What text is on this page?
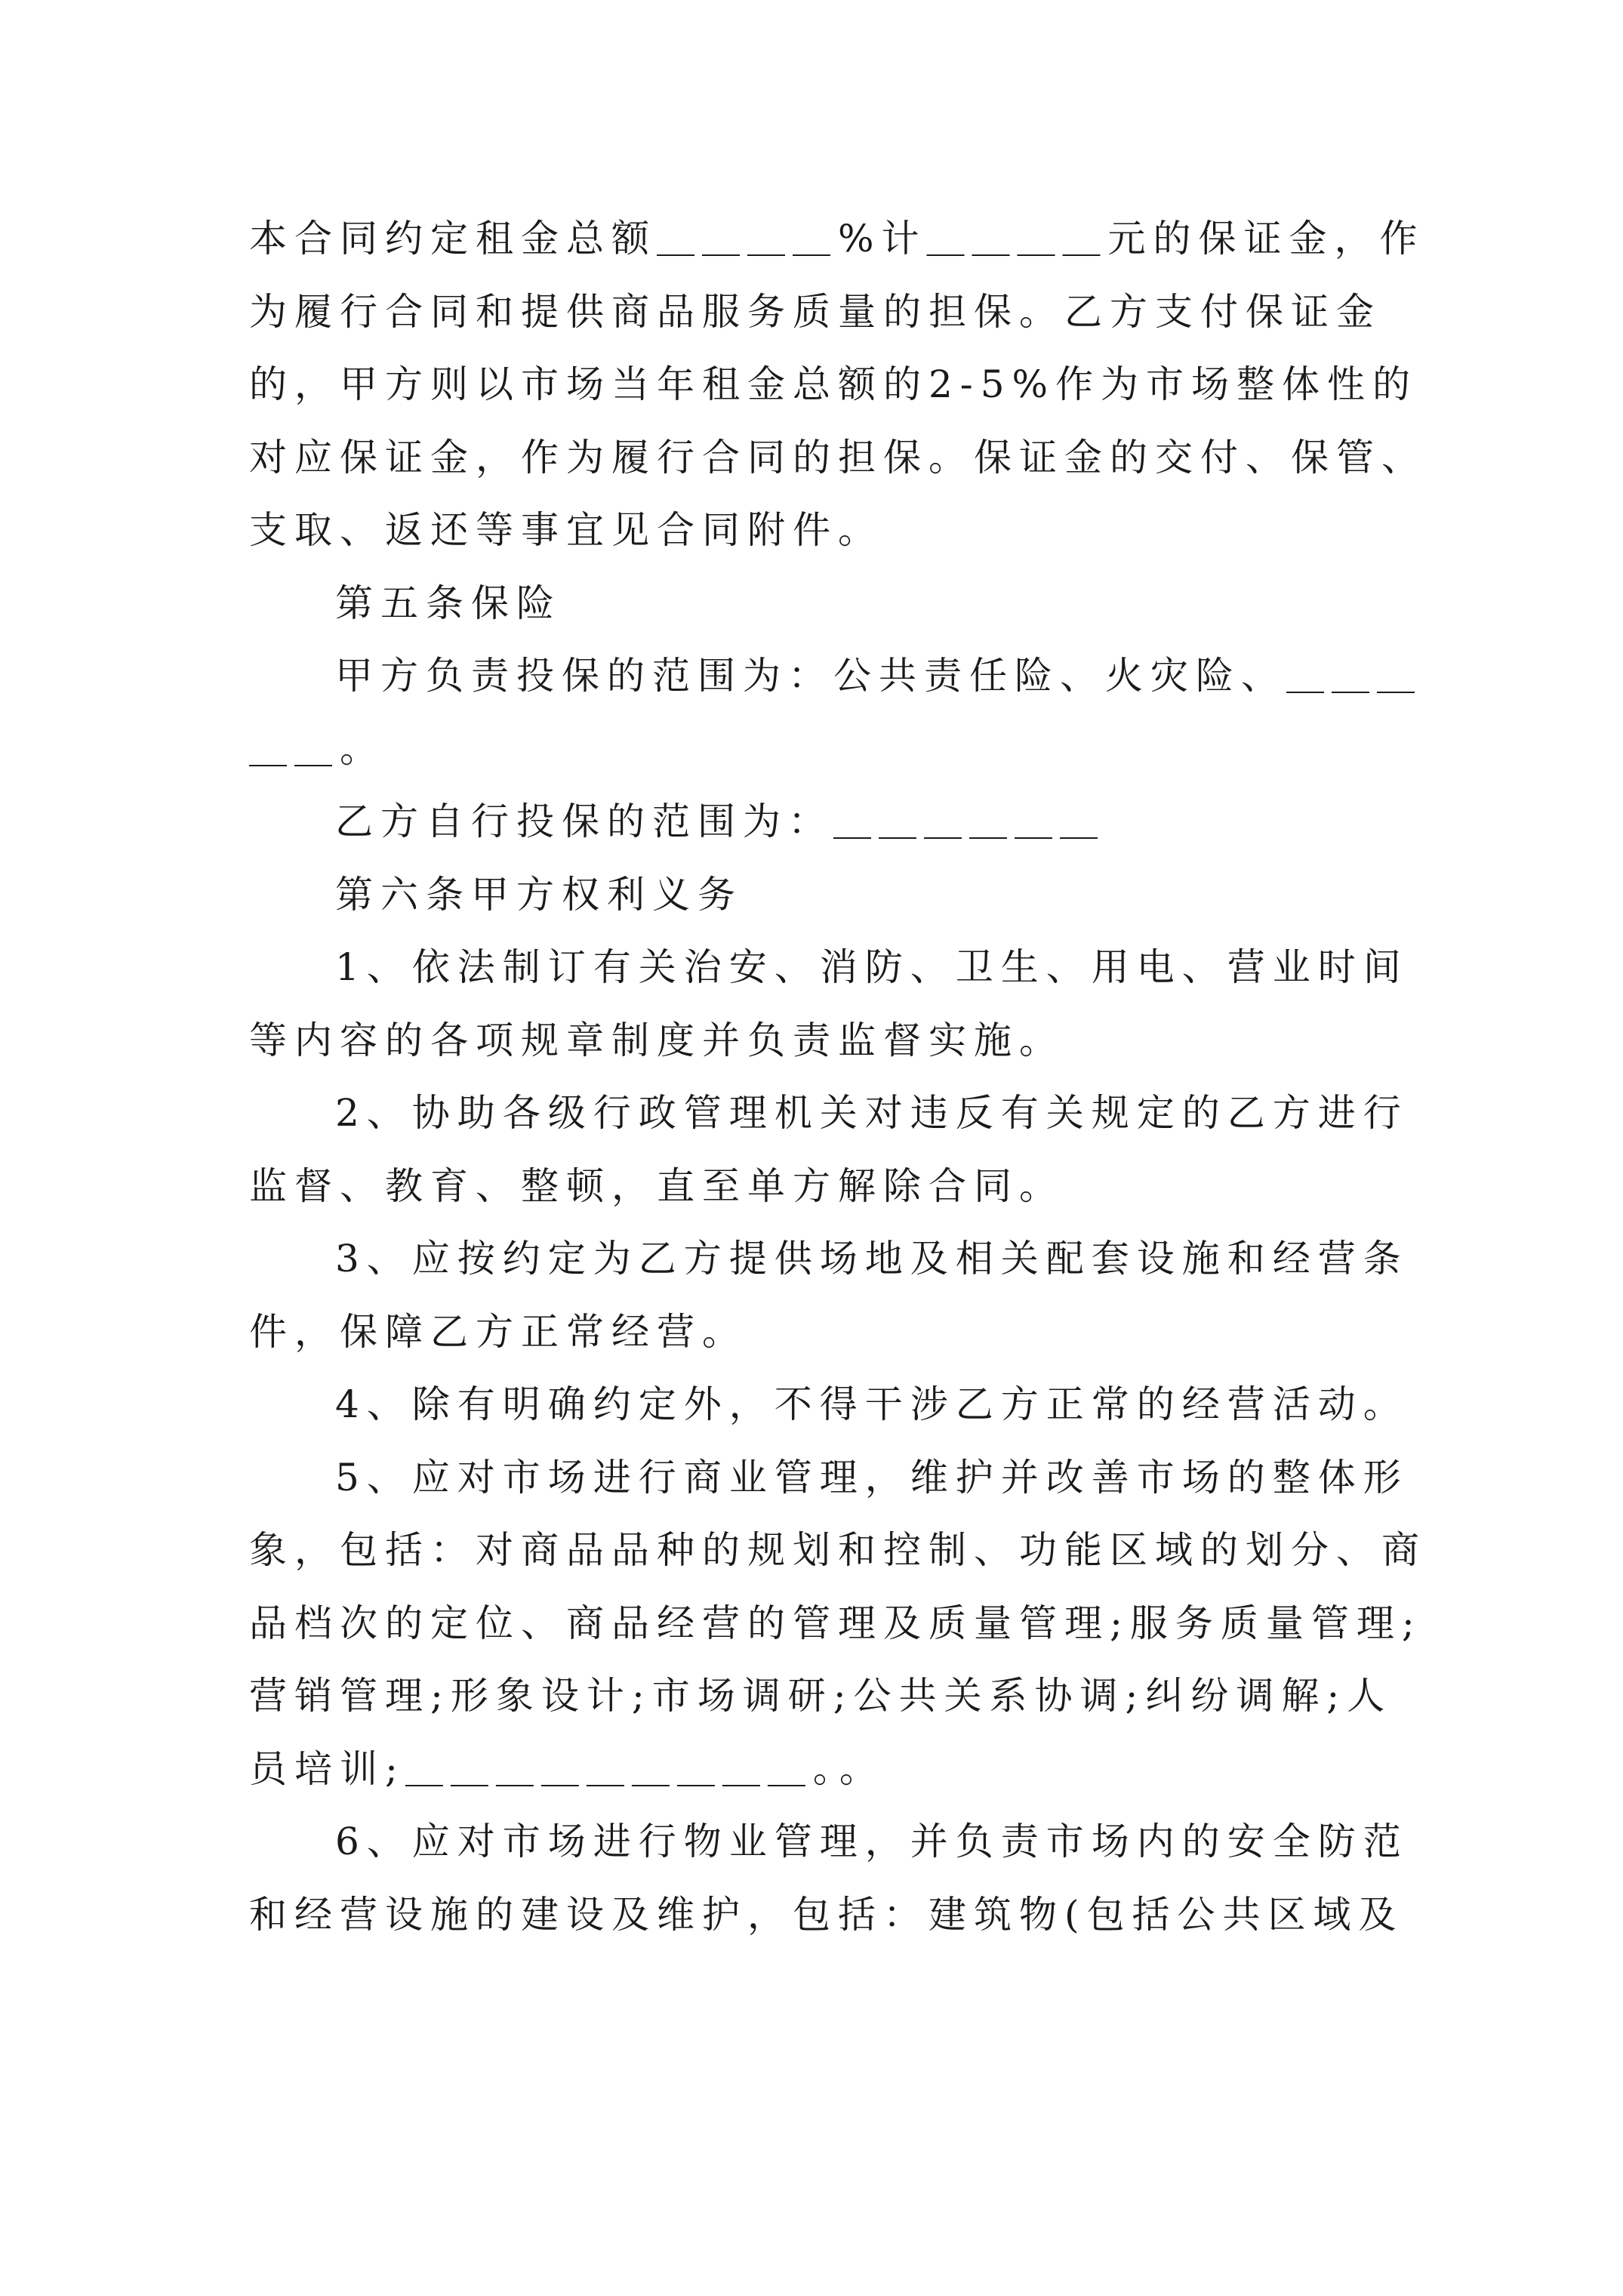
本合同约定租金总额＿＿＿＿%计＿＿＿＿元的保证金，作为履行合同和提供商品服务质量的担保。乙方支付保证金的，甲方则以市场当年租金总额的2-5%作为市场整体性的对应保证金，作为履行合同的担保。保证金的交付、保管、支取、返还等事宜见合同附件。

第五条保险

甲方负责投保的范围为：公共责任险、火灾险、＿＿＿＿＿。

乙方自行投保的范围为：＿＿＿＿＿＿

第六条甲方权利义务

1、依法制订有关治安、消防、卫生、用电、营业时间等内容的各项规章制度并负责监督实施。

2、协助各级行政管理机关对违反有关规定的乙方进行监督、教育、整顿，直至单方解除合同。

3、应按约定为乙方提供场地及相关配套设施和经营条件，保障乙方正常经营。

4、除有明确约定外，不得干涉乙方正常的经营活动。

5、应对市场进行商业管理，维护并改善市场的整体形象，包括：对商品品种的规划和控制、功能区域的划分、商品档次的定位、商品经营的管理及质量管理;服务质量管理;营销管理;形象设计;市场调研;公共关系协调;纠纷调解;人员培训;＿＿＿＿＿＿＿＿＿。。

6、应对市场进行物业管理，并负责市场内的安全防范和经营设施的建设及维护，包括：建筑物(包括公共区域及
